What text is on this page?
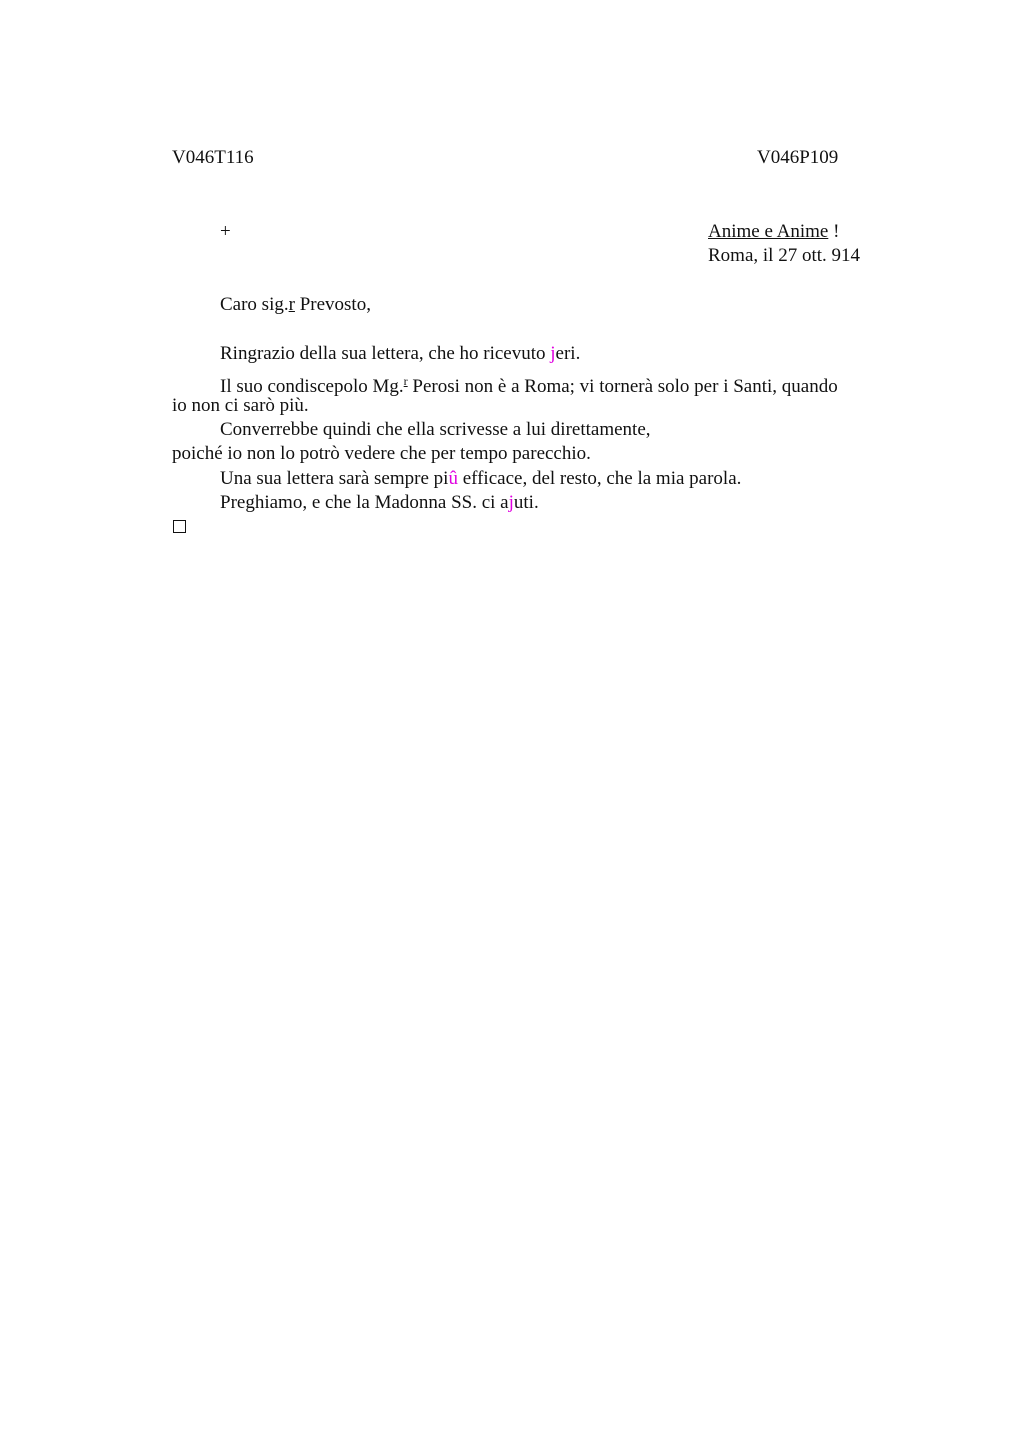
V046T116	V046P109
+	Anime e Anime !
Roma, il 27 ott. 914
Caro sig.r Prevosto,
Ringrazio della sua lettera, che ho ricevuto jeri.
Il suo condiscepolo Mg.$^r$ Perosi non è a Roma; vi tornerà solo per i Santi, quando
io non ci sarò più.
Converrebbe quindi che ella scrivesse a lui direttamente,
poiché io non lo potrò vedere che per tempo parecchio.
Una sua lettera sarà sempre piû efficace, del resto, che la mia parola.
Preghiamo, e che la Madonna SS. ci ajuti.
